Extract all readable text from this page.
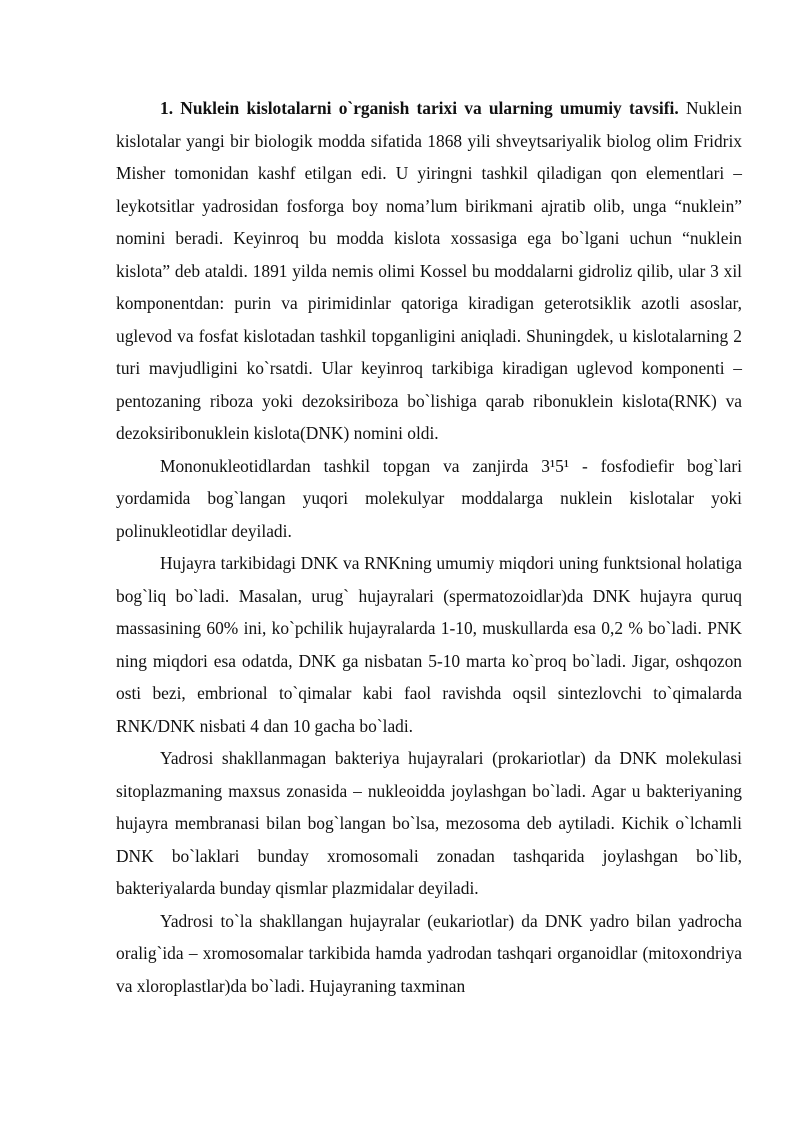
1. Nuklein kislotalarni o`rganish tarixi va ularning umumiy tavsifi. Nuklein kislotalar yangi bir biologik modda sifatida 1868 yili shveytsariyalik biolog olim Fridrix Misher tomonidan kashf etilgan edi. U yiringni tashkil qiladigan qon elementlari – leykotsitlar yadrosidan fosforga boy noma’lum birikmani ajratib olib, unga “nuklein” nomini beradi. Keyinroq bu modda kislota xossasiga ega bo`lgani uchun “nuklein kislota” deb ataldi. 1891 yilda nemis olimi Kossel bu moddalarni gidroliz qilib, ular 3 xil komponentdan: purin va pirimidinlar qatoriga kiradigan geterotsiklik azotli asoslar, uglevod va fosfat kislotadan tashkil topganligini aniqladi. Shuningdek, u kislotalarning 2 turi mavjudligini ko`rsatdi. Ular keyinroq tarkibiga kiradigan uglevod komponenti – pentozaning riboza yoki dezoksiriboza bo`lishiga qarab ribonuklein kislota(RNK) va dezoksiribonuklein kislota(DNK) nomini oldi.

Mononukleotidlardan tashkil topgan va zanjirda 3¹5¹ - fosfodiefir bog`lari yordamida bog`langan yuqori molekulyar moddalarga nuklein kislotalar yoki polinukleotidlar deyiladi.

Hujayra tarkibidagi DNK va RNKning umumiy miqdori uning funktsional holatiga bog`liq bo`ladi. Masalan, urug` hujayralari (spermatozoidlar)da DNK hujayra quruq massasining 60% ini, ko`pchilik hujayralarda 1-10, muskullarda esa 0,2 % bo`ladi. PNK ning miqdori esa odatda, DNK ga nisbatan 5-10 marta ko`proq bo`ladi. Jigar, oshqozon osti bezi, embrional to`qimalar kabi faol ravishda oqsil sintezlovchi to`qimalarda RNK/DNK nisbati 4 dan 10 gacha bo`ladi.

Yadrosi shakllanmagan bakteriya hujayralari (prokariotlar) da DNK molekulasi sitoplazmaning maxsus zonasida – nukleoidda joylashgan bo`ladi. Agar u bakteriyaning hujayra membranasi bilan bog`langan bo`lsa, mezosoma deb aytiladi. Kichik o`lchamli DNK bo`laklari bunday xromosomali zonadan tashqarida joylashgan bo`lib, bakteriyalarda bunday qismlar plazmidalar deyiladi.

Yadrosi to`la shakllangan hujayralar (eukariotlar) da DNK yadro bilan yadrocha oralig`ida – xromosomalar tarkibida hamda yadrodan tashqari organoidlar (mitoxondriya va xloroplastlar)da bo`ladi. Hujayraning taxminan
